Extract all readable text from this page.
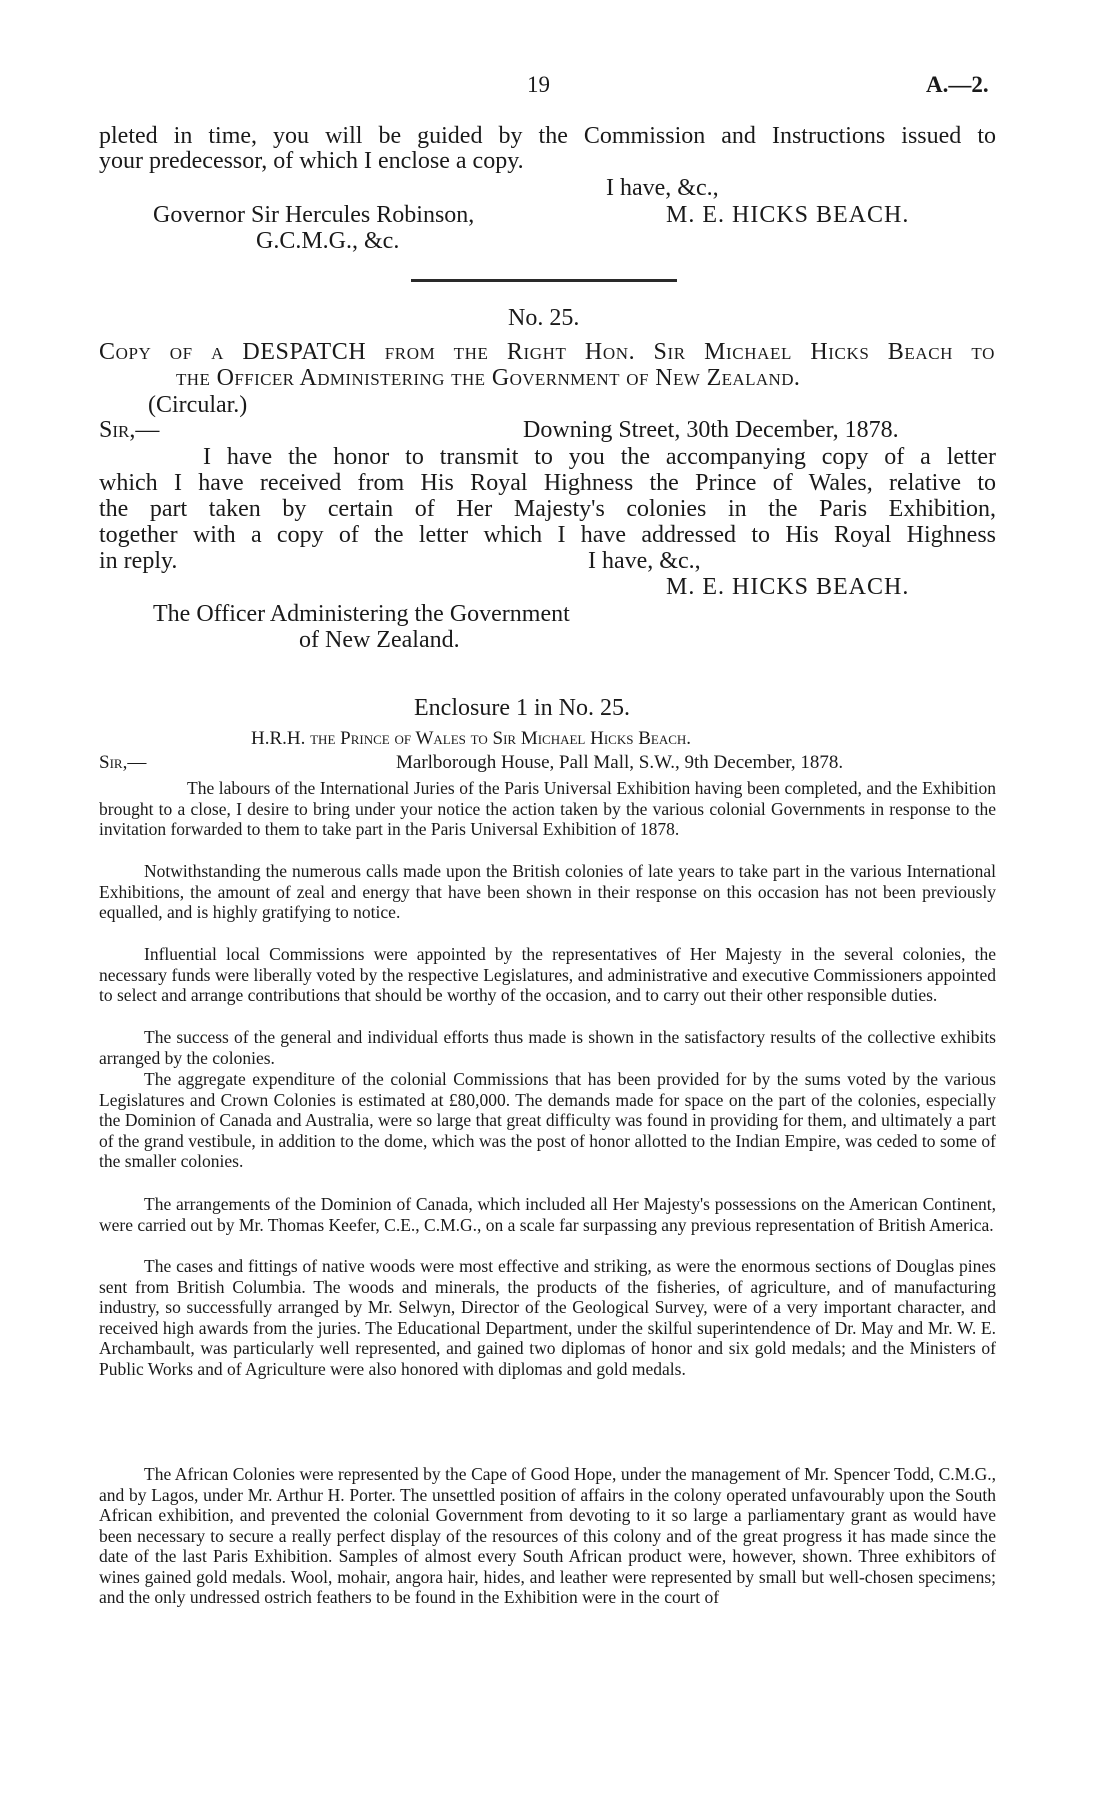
19	A.—2.
pleted in time, you will be guided by the Commission and Instructions issued to
your predecessor, of which I enclose a copy.
I have, &c.,
Governor Sir Hercules Robinson,	M. E. HICKS BEACH.
G.C.M.G., &c.
No. 25.
Copy of a DESPATCH from the Right Hon. Sir Michael Hicks Beach to
the Officer Administering the Government of New Zealand.
(Circular.)
Sir,—	Downing Street, 30th December, 1878.
I have the honor to transmit to you the accompanying copy of a letter
which I have received from His Royal Highness the Prince of Wales, relative to
the part taken by certain of Her Majesty's colonies in the Paris Exhibition,
together with a copy of the letter which I have addressed to His Royal Highness
in reply.	I have, &c.,
M. E. HICKS BEACH.
The Officer Administering the Government
of New Zealand.
Enclosure 1 in No. 25.
H.R.H. the Prince of Wales to Sir Michael Hicks Beach.
Sir,—	Marlborough House, Pall Mall, S.W., 9th December, 1878.
The labours of the International Juries of the Paris Universal Exhibition having been completed, and the Exhibition brought to a close, I desire to bring under your notice the action taken by the various colonial Governments in response to the invitation forwarded to them to take part in the Paris Universal Exhibition of 1878.
Notwithstanding the numerous calls made upon the British colonies of late years to take part in the various International Exhibitions, the amount of zeal and energy that have been shown in their response on this occasion has not been previously equalled, and is highly gratifying to notice.
Influential local Commissions were appointed by the representatives of Her Majesty in the several colonies, the necessary funds were liberally voted by the respective Legislatures, and administrative and executive Commissioners appointed to select and arrange contributions that should be worthy of the occasion, and to carry out their other responsible duties.
The success of the general and individual efforts thus made is shown in the satisfactory results of the collective exhibits arranged by the colonies.
The aggregate expenditure of the colonial Commissions that has been provided for by the sums voted by the various Legislatures and Crown Colonies is estimated at £80,000. The demands made for space on the part of the colonies, especially the Dominion of Canada and Australia, were so large that great difficulty was found in providing for them, and ultimately a part of the grand vestibule, in addition to the dome, which was the post of honor allotted to the Indian Empire, was ceded to some of the smaller colonies.
The arrangements of the Dominion of Canada, which included all Her Majesty's possessions on the American Continent, were carried out by Mr. Thomas Keefer, C.E., C.M.G., on a scale far surpassing any previous representation of British America.
The cases and fittings of native woods were most effective and striking, as were the enormous sections of Douglas pines sent from British Columbia. The woods and minerals, the products of the fisheries, of agriculture, and of manufacturing industry, so successfully arranged by Mr. Selwyn, Director of the Geological Survey, were of a very important character, and received high awards from the juries. The Educational Department, under the skilful superintendence of Dr. May and Mr. W. E. Archambault, was particularly well represented, and gained two diplomas of honor and six gold medals; and the Ministers of Public Works and of Agriculture were also honored with diplomas and gold medals.
The African Colonies were represented by the Cape of Good Hope, under the management of Mr. Spencer Todd, C.M.G., and by Lagos, under Mr. Arthur H. Porter. The unsettled position of affairs in the colony operated unfavourably upon the South African exhibition, and prevented the colonial Government from devoting to it so large a parliamentary grant as would have been necessary to secure a really perfect display of the resources of this colony and of the great progress it has made since the date of the last Paris Exhibition. Samples of almost every South African product were, however, shown. Three exhibitors of wines gained gold medals. Wool, mohair, angora hair, hides, and leather were represented by small but well-chosen specimens; and the only undressed ostrich feathers to be found in the Exhibition were in the court of
